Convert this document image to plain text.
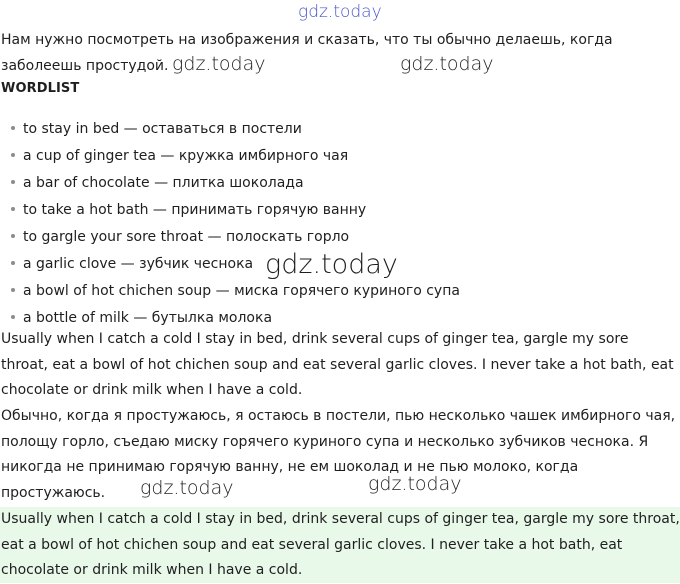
gdz.today

Нам нужно посмотреть на изображения и сказать, что ты обычно делаешь, когда заболеешь простудой.

WORDLIST
to stay in bed — оставаться в постели
a cup of ginger tea — кружка имбирного чая
a bar of chocolate — плитка шоколада
to take a hot bath — принимать горячую ванну
to gargle your sore throat — полоскать горло
a garlic clove — зубчик чеснока
a bowl of hot chichen soup — миска горячего куриного супа
a bottle of milk — бутылка молока

Usually when I catch a cold I stay in bed, drink several cups of ginger tea, gargle my sore throat, eat a bowl of hot chichen soup and eat several garlic cloves. I never take a hot bath, eat chocolate or drink milk when I have a cold.

Обычно, когда я простужаюсь, я остаюсь в постели, пью несколько чашек имбирного чая, полощу горло, съедаю миску горячего куриного супа и несколько зубчиков чеснока. Я никогда не принимаю горячую ванну, не ем шоколад и не пью молоко, когда простужаюсь.

Usually when I catch a cold I stay in bed, drink several cups of ginger tea, gargle my sore throat, eat a bowl of hot chichen soup and eat several garlic cloves. I never take a hot bath, eat chocolate or drink milk when I have a cold.

gdz.today	gdz.today
gdz.today
gdz.today	gdz.today
